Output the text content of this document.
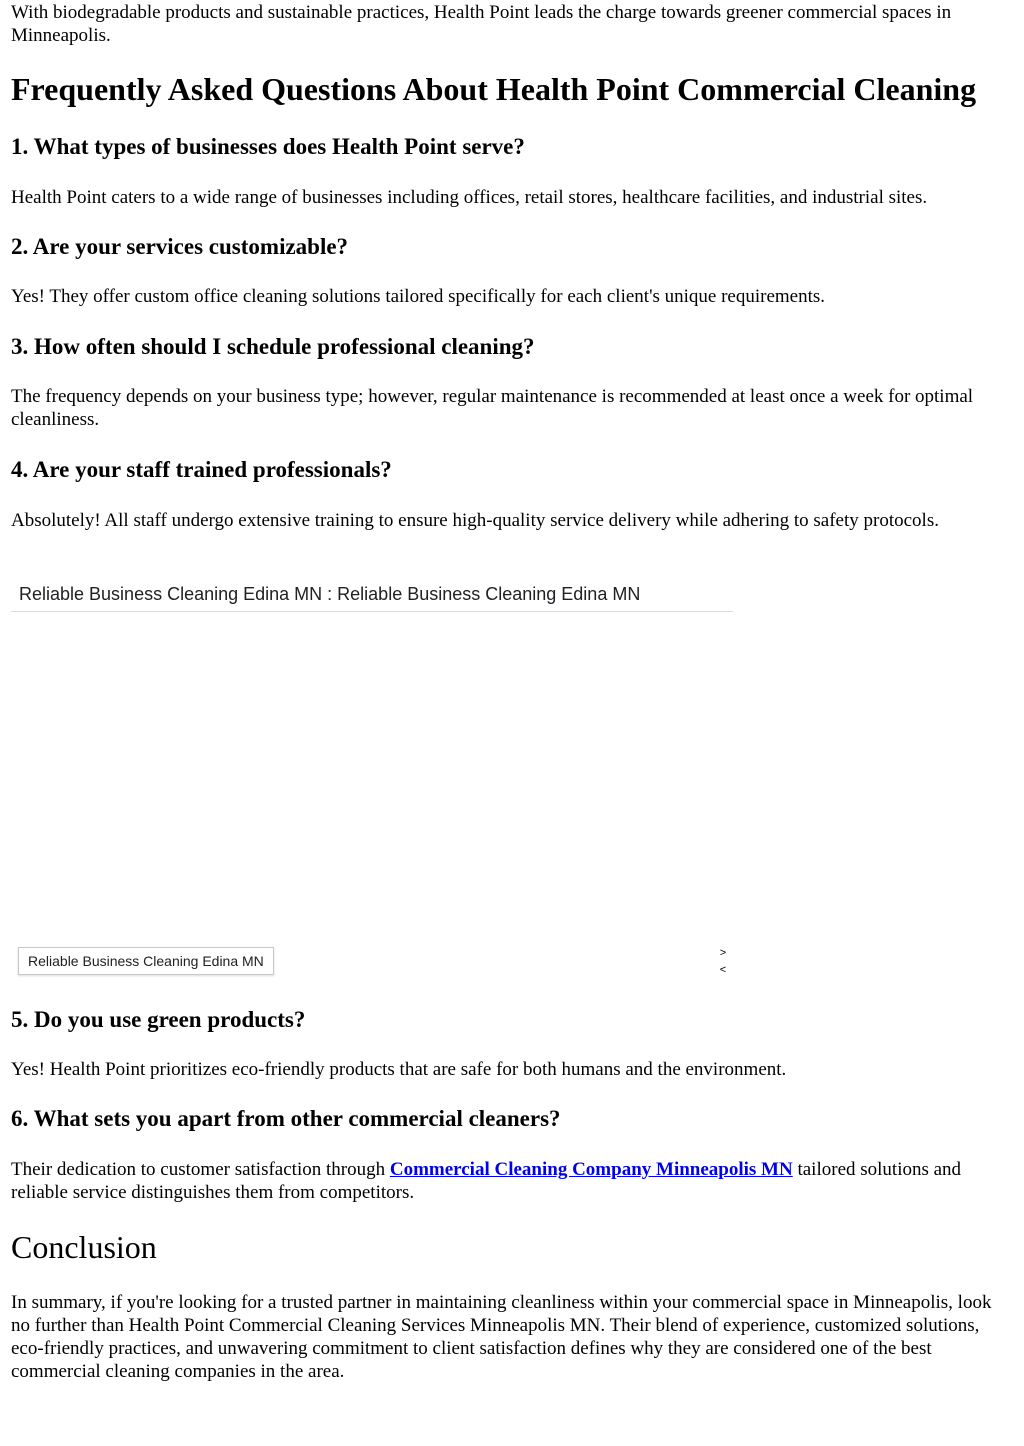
With biodegradable products and sustainable practices, Health Point leads the charge towards greener commercial spaces in Minneapolis.

Frequently Asked Questions About Health Point Commercial Cleaning
1. What types of businesses does Health Point serve?

Health Point caters to a wide range of businesses including offices, retail stores, healthcare facilities, and industrial sites.

2. Are your services customizable?

Yes! They offer custom office cleaning solutions tailored specifically for each client's unique requirements.

3. How often should I schedule professional cleaning?

The frequency depends on your business type; however, regular maintenance is recommended at least once a week for optimal cleanliness.

4. Are your staff trained professionals?

Absolutely! All staff undergo extensive training to ensure high-quality service delivery while adhering to safety protocols.

Reliable Business Cleaning Edina MN : Reliable Business Cleaning Edina MN
Reliable Business Cleaning Edina MN	>
<
5. Do you use green products?

Yes! Health Point prioritizes eco-friendly products that are safe for both humans and the environment.

6. What sets you apart from other commercial cleaners?

Their dedication to customer satisfaction through Commercial Cleaning Company Minneapolis MN tailored solutions and reliable service distinguishes them from competitors.

Conclusion

In summary, if you're looking for a trusted partner in maintaining cleanliness within your commercial space in Minneapolis, look no further than Health Point Commercial Cleaning Services Minneapolis MN. Their blend of experience, customized solutions, eco-friendly practices, and unwavering commitment to client satisfaction defines why they are considered one of the best commercial cleaning companies in the area.
